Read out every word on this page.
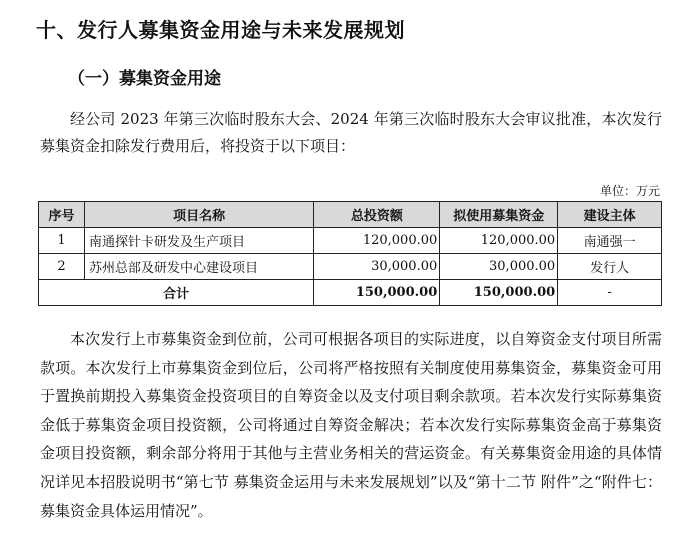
十、发行人募集资金用途与未来发展规划
（一）募集资金用途

经公司 2023 年第三次临时股东大会、2024 年第三次临时股东大会审议批准，本次发行募集资金扣除发行费用后，将投资于以下项目：

单位：万元
序号	项目名称	总投资额	拟使用募集资金	建设主体
1	南通探针卡研发及生产项目	120,000.00	120,000.00	南通强一
2	苏州总部及研发中心建设项目	30,000.00	30,000.00	发行人
合计		150,000.00	150,000.00	-

本次发行上市募集资金到位前，公司可根据各项目的实际进度，以自筹资金支付项目所需款项。本次发行上市募集资金到位后，公司将严格按照有关制度使用募集资金，募集资金可用于置换前期投入募集资金投资项目的自筹资金以及支付项目剩余款项。若本次发行实际募集资金低于募集资金项目投资额，公司将通过自筹资金解决；若本次发行实际募集资金高于募集资金项目投资额，剩余部分将用于其他与主营业务相关的营运资金。有关募集资金用途的具体情况详见本招股说明书“第七节 募集资金运用与未来发展规划”以及“第十二节 附件”之“附件七：募集资金具体运用情况”。
